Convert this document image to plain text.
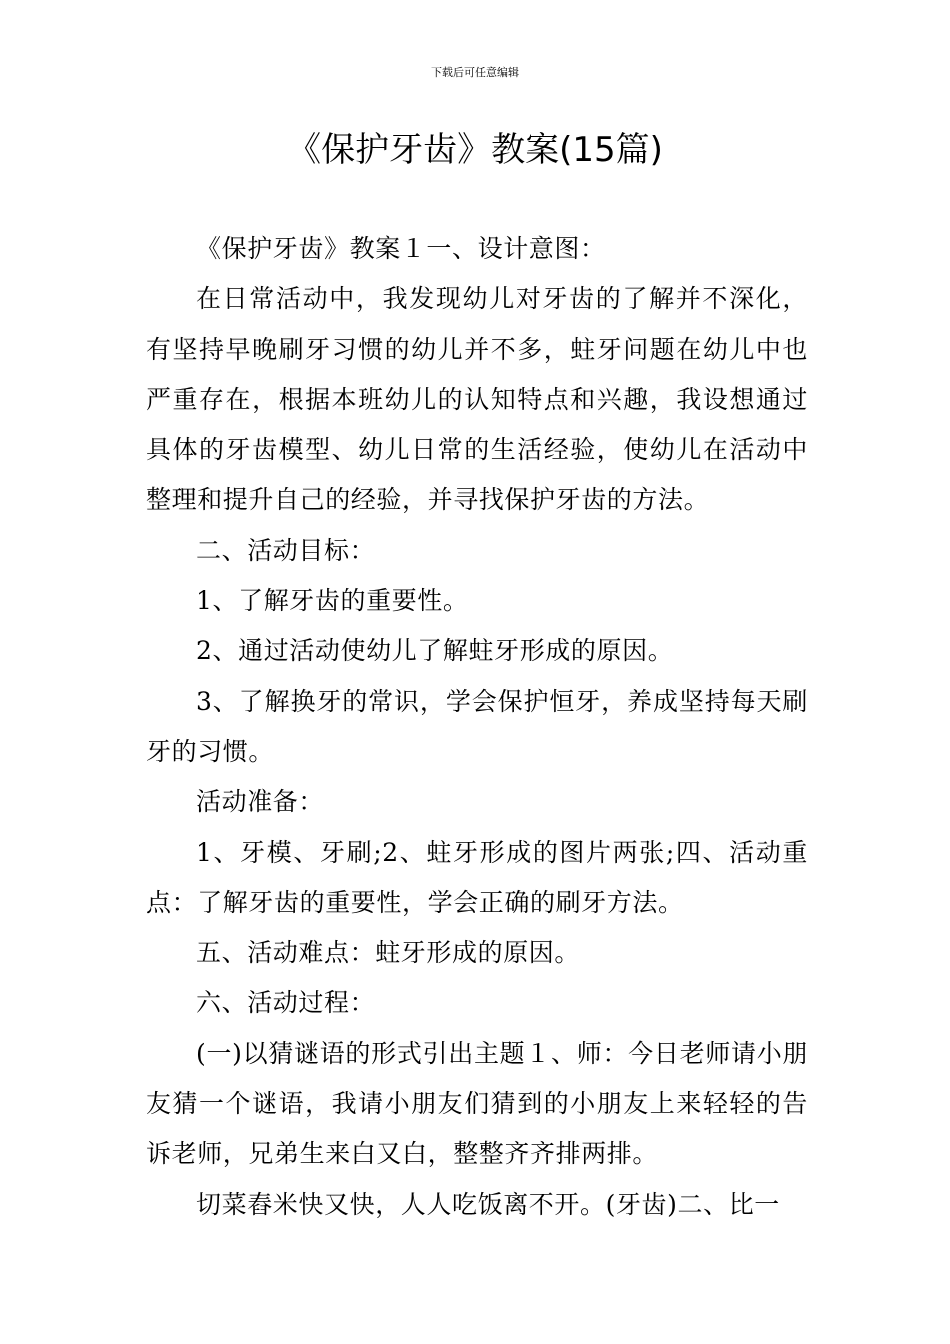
下载后可任意编辑
《保护牙齿》教案(15篇)

《保护牙齿》教案１一、设计意图：

在日常活动中，我发现幼儿对牙齿的了解并不深化，有坚持早晚刷牙习惯的幼儿并不多，蛀牙问题在幼儿中也严重存在，根据本班幼儿的认知特点和兴趣，我设想通过具体的牙齿模型、幼儿日常的生活经验，使幼儿在活动中整理和提升自己的经验，并寻找保护牙齿的方法。

二、活动目标：

1、了解牙齿的重要性。

2、通过活动使幼儿了解蛀牙形成的原因。

3、了解换牙的常识，学会保护恒牙，养成坚持每天刷牙的习惯。

活动准备：

1、牙模、牙刷;2、蛀牙形成的图片两张;四、活动重点：了解牙齿的重要性，学会正确的刷牙方法。

五、活动难点：蛀牙形成的原因。

六、活动过程：

(一)以猜谜语的形式引出主题１、师：今日老师请小朋友猜一个谜语，我请小朋友们猜到的小朋友上来轻轻的告诉老师，兄弟生来白又白，整整齐齐排两排。

切菜舂米快又快，人人吃饭离不开。(牙齿)二、比一
